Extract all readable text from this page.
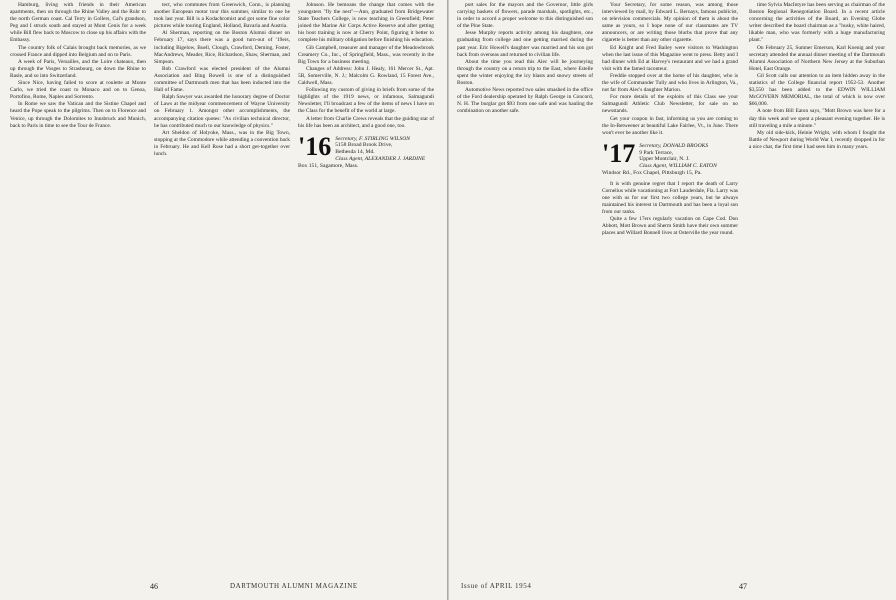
Hamburg, living with friends in their American apartments, then on through the Rhine Valley and the Ruhr to the north German coast. Cal Terry in Gollers, Cal's grandson, Peg and I struck south and stayed at Mont Cenis for a week while Bill flew back to Moscow to close up his affairs with the Embassy.

The country folk of Calais brought back memories, as we crossed France and dipped into Belgium and on to Paris.

A week of Paris, Versailles, and the Loire chateaux, then up through the Vosges to Strasbourg, on down the Rhine to Basle, and so into Switzerland.

Since Nice, having failed to score at roulette at Monte Carlo, we tried the coast to Monaco and on to Genoa, Portofino, Rome, Naples and Sorrento.

In Rome we saw the Vatican and the Sistine Chapel and heard the Pope speak to the pilgrims. Then on to Florence and Venice, up through the Dolomites to Innsbruck and Munich, back to Paris in time to see the Tour de France.

tect, who commutes from Greenwich, Conn., is planning another European motor tour this summer, similar to one he took last year. Bill is a Kodachromist and got some fine color pictures while touring England, Holland, Bavaria and Austria.

Al Sherman, reporting on the Boston Alumni dinner on February 17, says there was a good turn-out of '19ers, including Bigelow, Buell, Clough, Crawford, Deming, Foster, MacAndrews, Meader, Rice, Richardson, Shaw, Sherman, and Simpson.

Bob Crawford was elected president of the Alumni Association and Bing Rowell is one of a distinguished committee of Dartmouth men that has been inducted into the Hall of Fame.

Ralph Sawyer was awarded the honorary degree of Doctor of Laws at the midyear commencement of Wayne University on February 1. Amongst other accomplishments, the accompanying citation quotes: "As civilian technical director, he has contributed much to our knowledge of physics."

Art Sheldon of Holyoke, Mass., was in the Big Town, stopping at the Commodore while attending a convention back in February. He and Kell Rose had a short get-together over lunch.

Johnson. He bemoans the change that comes with the youngsters "fly the nest"—Ann, graduated from Bridgewater State Teachers College, is now teaching in Greenfield; Peter joined the Marine Air Corps Active Reserve and after getting his boot training is now at Cherry Point, figuring it better to complete his military obligation before finishing his education.

Gib Campbell, treasurer and manager of the Meadowbrook Creamery Co., Inc., of Springfield, Mass., was recently in the Big Town for a business meeting.

Changes of Address: John J. Healy, 161 Mercer St., Apt. 5B, Somerville, N. J.; Malcolm G. Rowland, 15 Forest Ave., Caldwell, Mass.

Following my custom of giving in briefs from some of the highlights of the 1919 news, or infamous, Salmagundi Newsletter, I'll broadcast a few of the items of news I have on the Class for the benefit of the world at large.

A letter from Charlie Crews reveals that the guiding star of his life has been an architect, and a good one, too.

'16 Secretary, F. STIRLING WILSON
5158 Broad Brook Drive,
Bethesda 14, Md.
Class Agent, ALEXANDER J. JARDINE
Box 151, Sagamore, Mass.
46	DARTMOUTH ALUMNI MAGAZINE

port sales for the mayors and the Governor, little girls carrying baskets of flowers, parade marshals, spotlights, etc., in order to accord a proper welcome to this distinguished son of the Pine State.

Jesse Murphy reports activity among his daughters, one graduating from college and one getting married during the past year. Eric Howell's daughter was married and his son got back from overseas and returned to civilian life.

About the time you read this Alec will be journeying through the country on a return trip to the East, where Estelle spent the winter enjoying the icy blasts and snowy streets of Boston.

Automotive News reported two sales smashed in the office of the Ford dealership operated by Ralph George in Concord, N. H. The burglar got $93 from one safe and was hauling the combination on another safe.

Your Secretary, for some reason, was among those interviewed by mail, by Edward L. Bernays, famous publicist, on television commercials. My opinion of them is about the same as yours, so I hope none of our classmates are TV announcers, or are writing those blurbs that prove that any cigarette is better than any other cigarette.

Ed Knight and Fred Bailey were visitors to Washington when the last issue of this Magazine went to press. Betty and I had dinner with Ed at Harvey's restaurant and we had a grand visit with the famed raconteur.

Freddie stopped over at the home of his daughter, who is the wife of Commander Tully and who lives in Arlington, Va., not far from Alec's daughter Marion.

For more details of the exploits of this Class see your Salmagundi Athletic Club Newsletter, for sale on no newsstands.

Get your coupon in fast, informing us you are coming to the In-Betweener at beautiful Lake Fairlee, Vt., in June. There won't ever be another like it.

'17 Secretary, DONALD BROOKS
9 Park Terrace,
Upper Montclair, N. J.
Class Agent, WILLIAM C. EATON
Windsor Rd., Fox Chapel, Pittsburgh 15, Pa.

It is with genuine regret that I report the death of Larry Cornelius while vacationing at Fort Lauderdale, Fla. Larry was one with us for our first two college years, but he always maintained his interest in Dartmouth and has been a loyal son from our ranks.

Quite a few 17ers regularly vacation on Cape Cod. Don Abbott, Mott Brown and Sherm Smith have their own summer places and Willard Bonnell lives at Osterville the year round.

time Sylvia MacIntyre has been serving as chairman of the Boston Regional Renegotiation Board. In a recent article concerning the activities of the Board, an Evening Globe writer described the board chairman as a "husky, white haired, likable man, who was formerly with a huge manufacturing plant."

On February 25, Sumner Emerson, Karl Koenig and your secretary attended the annual dinner meeting of the Dartmouth Alumni Association of Northern New Jersey at the Suburban Hotel, East Orange.

Gil Scott calls our attention to an item hidden away in the statistics of the College financial report 1952-53. Another $3,550 has been added to the EDWIN WILLIAM McGOVERN MEMORIAL, the total of which is now over $66,000.

A note from Bill Eaton says, "Mott Brown was here for a day this week and we spent a pleasant evening together. He is still traveling a mile a minute."

My old side-kick, Heinie Wright, with whom I fought the Battle of Newport during World War I, recently dropped in for a nice chat, the first time I had seen him in many years.

Issue of APRIL 1954	47
